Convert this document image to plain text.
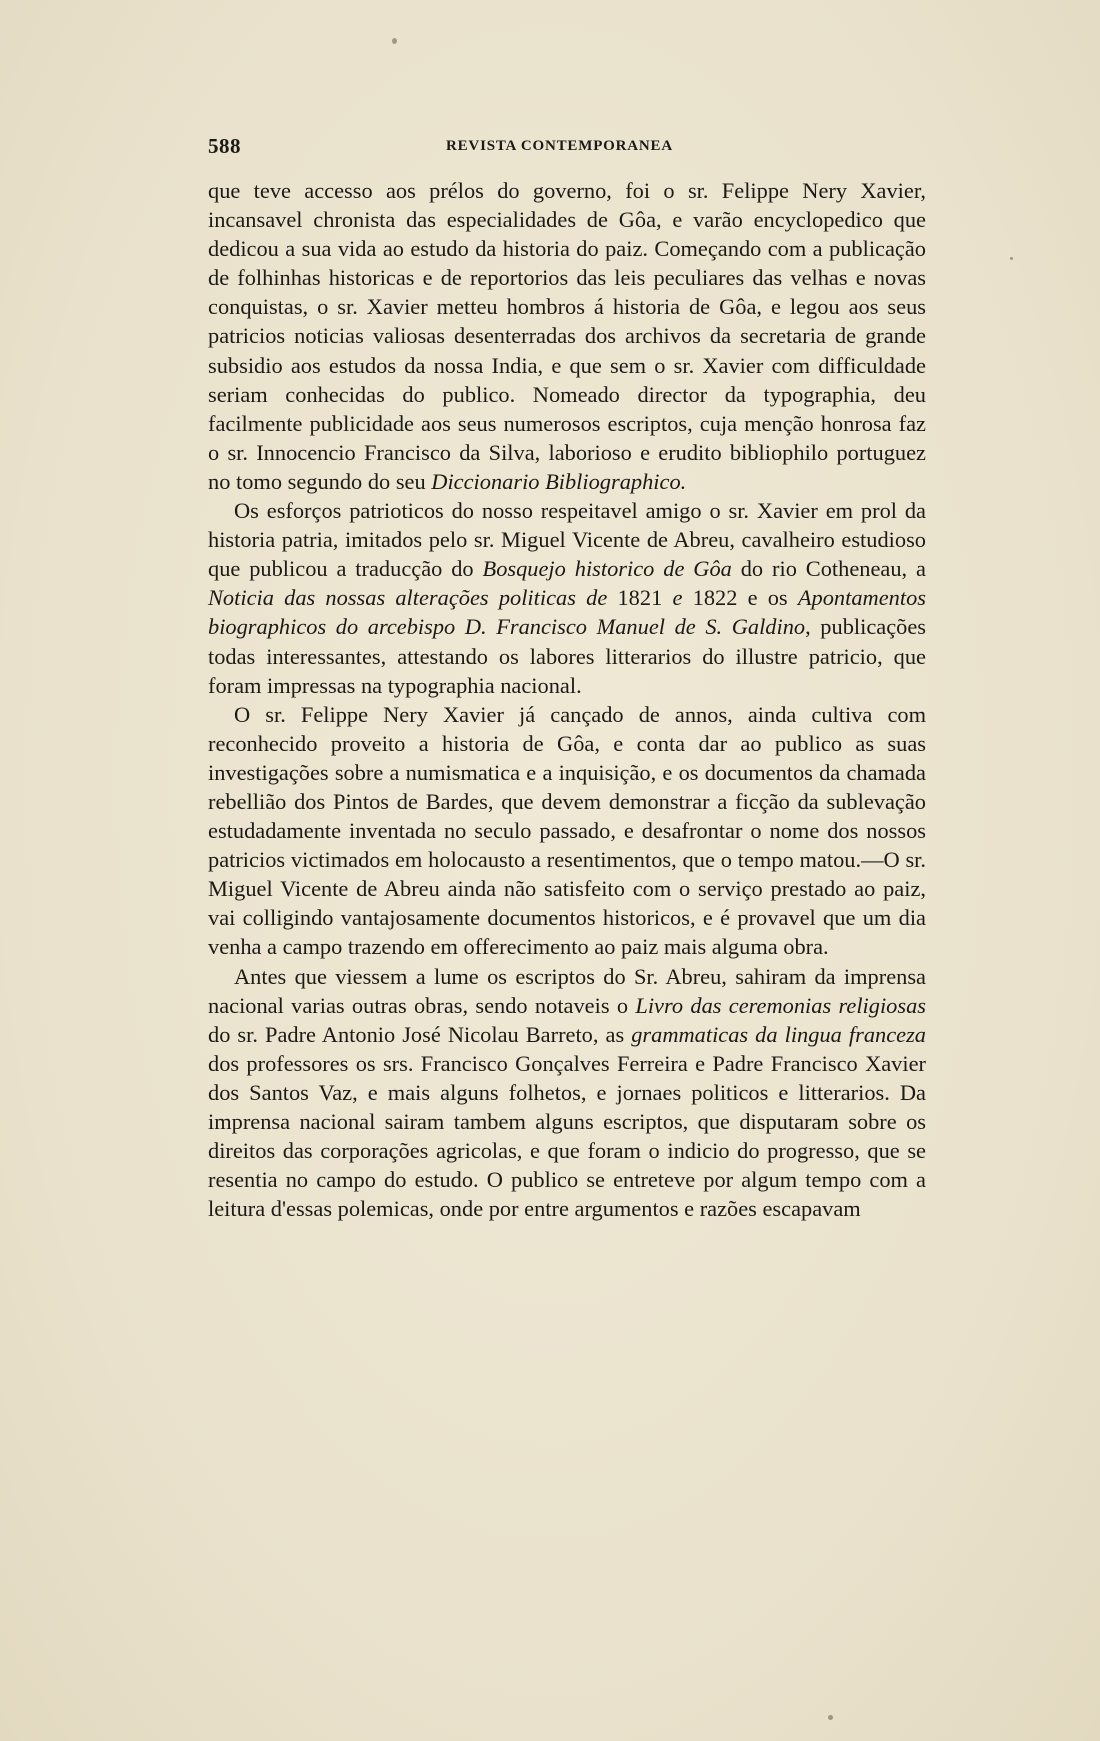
588	REVISTA CONTEMPORANEA

que teve accesso aos prélos do governo, foi o sr. Felippe Nery Xavier, incansavel chronista das especialidades de Gôa, e varão encyclopedico que dedicou a sua vida ao estudo da historia do paiz. Começando com a publicação de folhinhas historicas e de reportorios das leis peculiares das velhas e novas conquistas, o sr. Xavier metteu hombros á historia de Gôa, e legou aos seus patricios noticias valiosas desenterradas dos archivos da secretaria de grande subsidio aos estudos da nossa India, e que sem o sr. Xavier com difficuldade seriam conhecidas do publico. Nomeado director da typographia, deu facilmente publicidade aos seus numerosos escriptos, cuja menção honrosa faz o sr. Innocencio Francisco da Silva, laborioso e erudito bibliophilo portuguez no tomo segundo do seu Diccionario Bibliographico.

Os esforços patrioticos do nosso respeitavel amigo o sr. Xavier em prol da historia patria, imitados pelo sr. Miguel Vicente de Abreu, cavalheiro estudioso que publicou a traducção do Bosquejo historico de Gôa do rio Cotheneau, a Noticia das nossas alterações politicas de 1821 e 1822 e os Apontamentos biographicos do arcebispo D. Francisco Manuel de S. Galdino, publicações todas interessantes, attestando os labores litterarios do illustre patricio, que foram impressas na typographia nacional.

O sr. Felippe Nery Xavier já cançado de annos, ainda cultiva com reconhecido proveito a historia de Gôa, e conta dar ao publico as suas investigações sobre a numismatica e a inquisição, e os documentos da chamada rebellião dos Pintos de Bardes, que devem demonstrar a ficção da sublevação estudadamente inventada no seculo passado, e desafrontar o nome dos nossos patricios victimados em holocausto a resentimentos, que o tempo matou.—O sr. Miguel Vicente de Abreu ainda não satisfeito com o serviço prestado ao paiz, vai colligindo vantajosamente documentos historicos, e é provavel que um dia venha a campo trazendo em offerecimento ao paiz mais alguma obra.

Antes que viessem a lume os escriptos do Sr. Abreu, sahiram da imprensa nacional varias outras obras, sendo notaveis o Livro das ceremonias religiosas do sr. Padre Antonio José Nicolau Barreto, as grammaticas da lingua franceza dos professores os srs. Francisco Gonçalves Ferreira e Padre Francisco Xavier dos Santos Vaz, e mais alguns folhetos, e jornaes politicos e litterarios. Da imprensa nacional sairam tambem alguns escriptos, que disputaram sobre os direitos das corporações agricolas, e que foram o indicio do progresso, que se resentia no campo do estudo. O publico se entreteve por algum tempo com a leitura d'essas polemicas, onde por entre argumentos e razões escapavam
